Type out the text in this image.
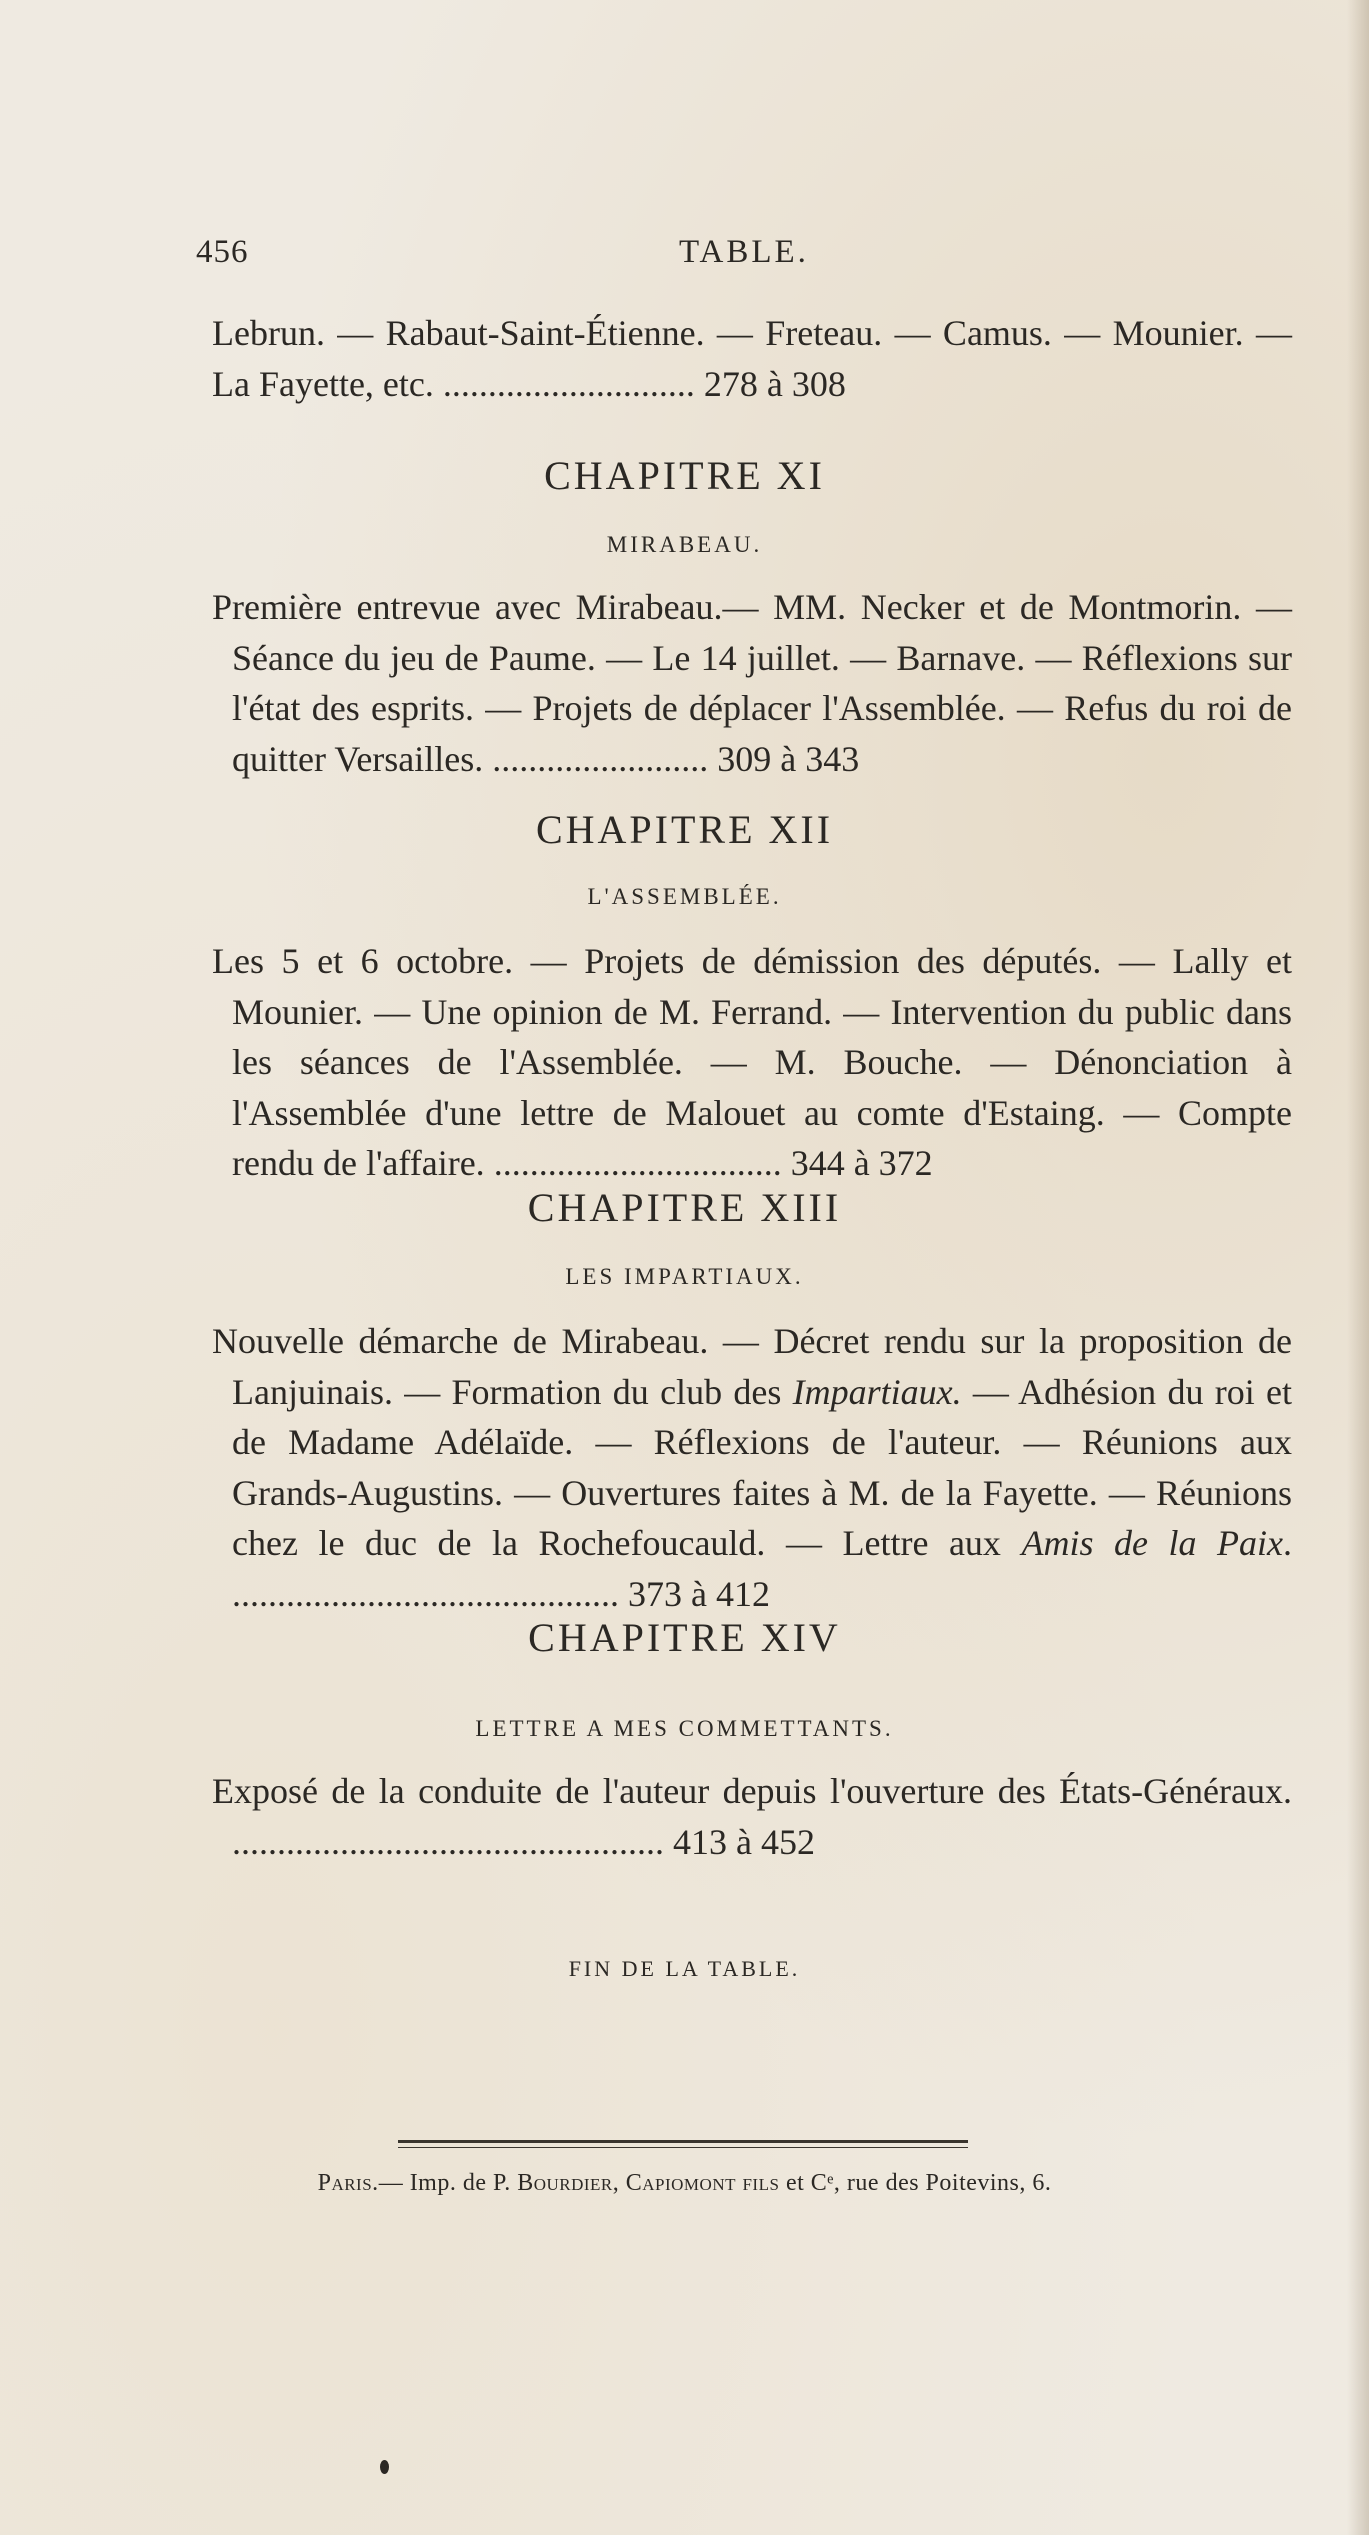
456	TABLE.
Lebrun. — Rabaut-Saint-Étienne. — Freteau. — Camus. — Mounier. — La Fayette, etc. ............................ 278 à 308
CHAPITRE XI
MIRABEAU.
Première entrevue avec Mirabeau.— MM. Necker et de Montmorin. — Séance du jeu de Paume. — Le 14 juillet. — Barnave. — Réflexions sur l'état des esprits. — Projets de déplacer l'Assemblée. — Refus du roi de quitter Versailles. ........................ 309 à 343
CHAPITRE XII
L'ASSEMBLÉE.
Les 5 et 6 octobre. — Projets de démission des députés. — Lally et Mounier. — Une opinion de M. Ferrand. — Intervention du public dans les séances de l'Assemblée. — M. Bouche. — Dénonciation à l'Assemblée d'une lettre de Malouet au comte d'Estaing. — Compte rendu de l'affaire. ................................ 344 à 372
CHAPITRE XIII
LES IMPARTIAUX.
Nouvelle démarche de Mirabeau. — Décret rendu sur la proposition de Lanjuinais. — Formation du club des Impartiaux. — Adhésion du roi et de Madame Adélaïde. — Réflexions de l'auteur. — Réunions aux Grands-Augustins. — Ouvertures faites à M. de la Fayette. — Réunions chez le duc de la Rochefoucauld. — Lettre aux Amis de la Paix. ........................................... 373 à 412
CHAPITRE XIV
LETTRE A MES COMMETTANTS.
Exposé de la conduite de l'auteur depuis l'ouverture des États-Généraux. ................................................ 413 à 452
FIN DE LA TABLE.
Paris.— Imp. de P. Bourdier, Capiomont fils et Cᵉ, rue des Poitevins, 6.
